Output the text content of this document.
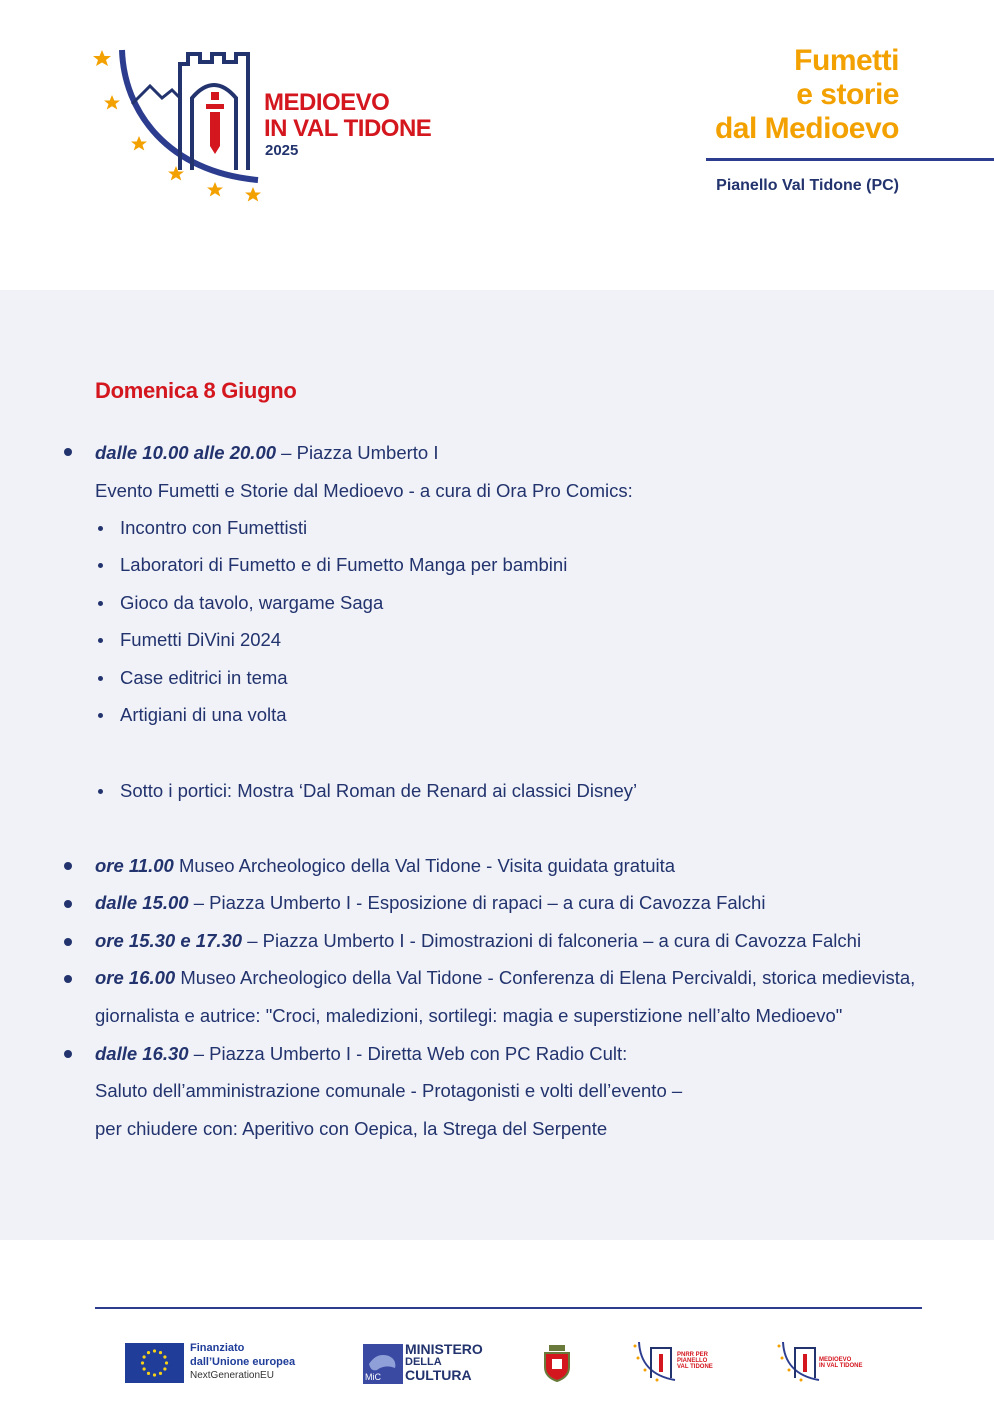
MEDIOEVO
IN VAL TIDONE
2025
Fumetti
e storie
dal Medioevo
Pianello Val Tidone (PC)
Domenica 8 Giugno
dalle 10.00 alle 20.00 – Piazza Umberto I
Evento Fumetti e Storie dal Medioevo - a cura di Ora Pro Comics:
Incontro con Fumettisti
Laboratori di Fumetto e di Fumetto Manga per bambini
Gioco da tavolo, wargame Saga
Fumetti DiVini 2024
Case editrici in tema
Artigiani di una volta
Sotto i portici: Mostra ‘Dal Roman de Renard ai classici Disney’
ore 11.00 Museo Archeologico della Val Tidone - Visita guidata gratuita
dalle 15.00 – Piazza Umberto I - Esposizione di rapaci – a cura di Cavozza Falchi
ore 15.30 e 17.30 – Piazza Umberto I - Dimostrazioni di falconeria – a cura di Cavozza Falchi
ore 16.00 Museo Archeologico della Val Tidone - Conferenza di Elena Percivaldi, storica medievista,
giornalista e autrice: "Croci, maledizioni, sortilegi: magia e superstizione nell’alto Medioevo"
dalle 16.30 – Piazza Umberto I - Diretta Web con PC Radio Cult:
Saluto dell’amministrazione comunale - Protagonisti e volti dell’evento –
per chiudere con: Aperitivo con Oepica, la Strega del Serpente
Finanziato
dall’Unione europea
NextGenerationEU	MiC
MINISTERO
DELLA
CULTURA
PNRR PER
PIANELLO
VAL TIDONE
MEDIOEVO
IN VAL TIDONE
